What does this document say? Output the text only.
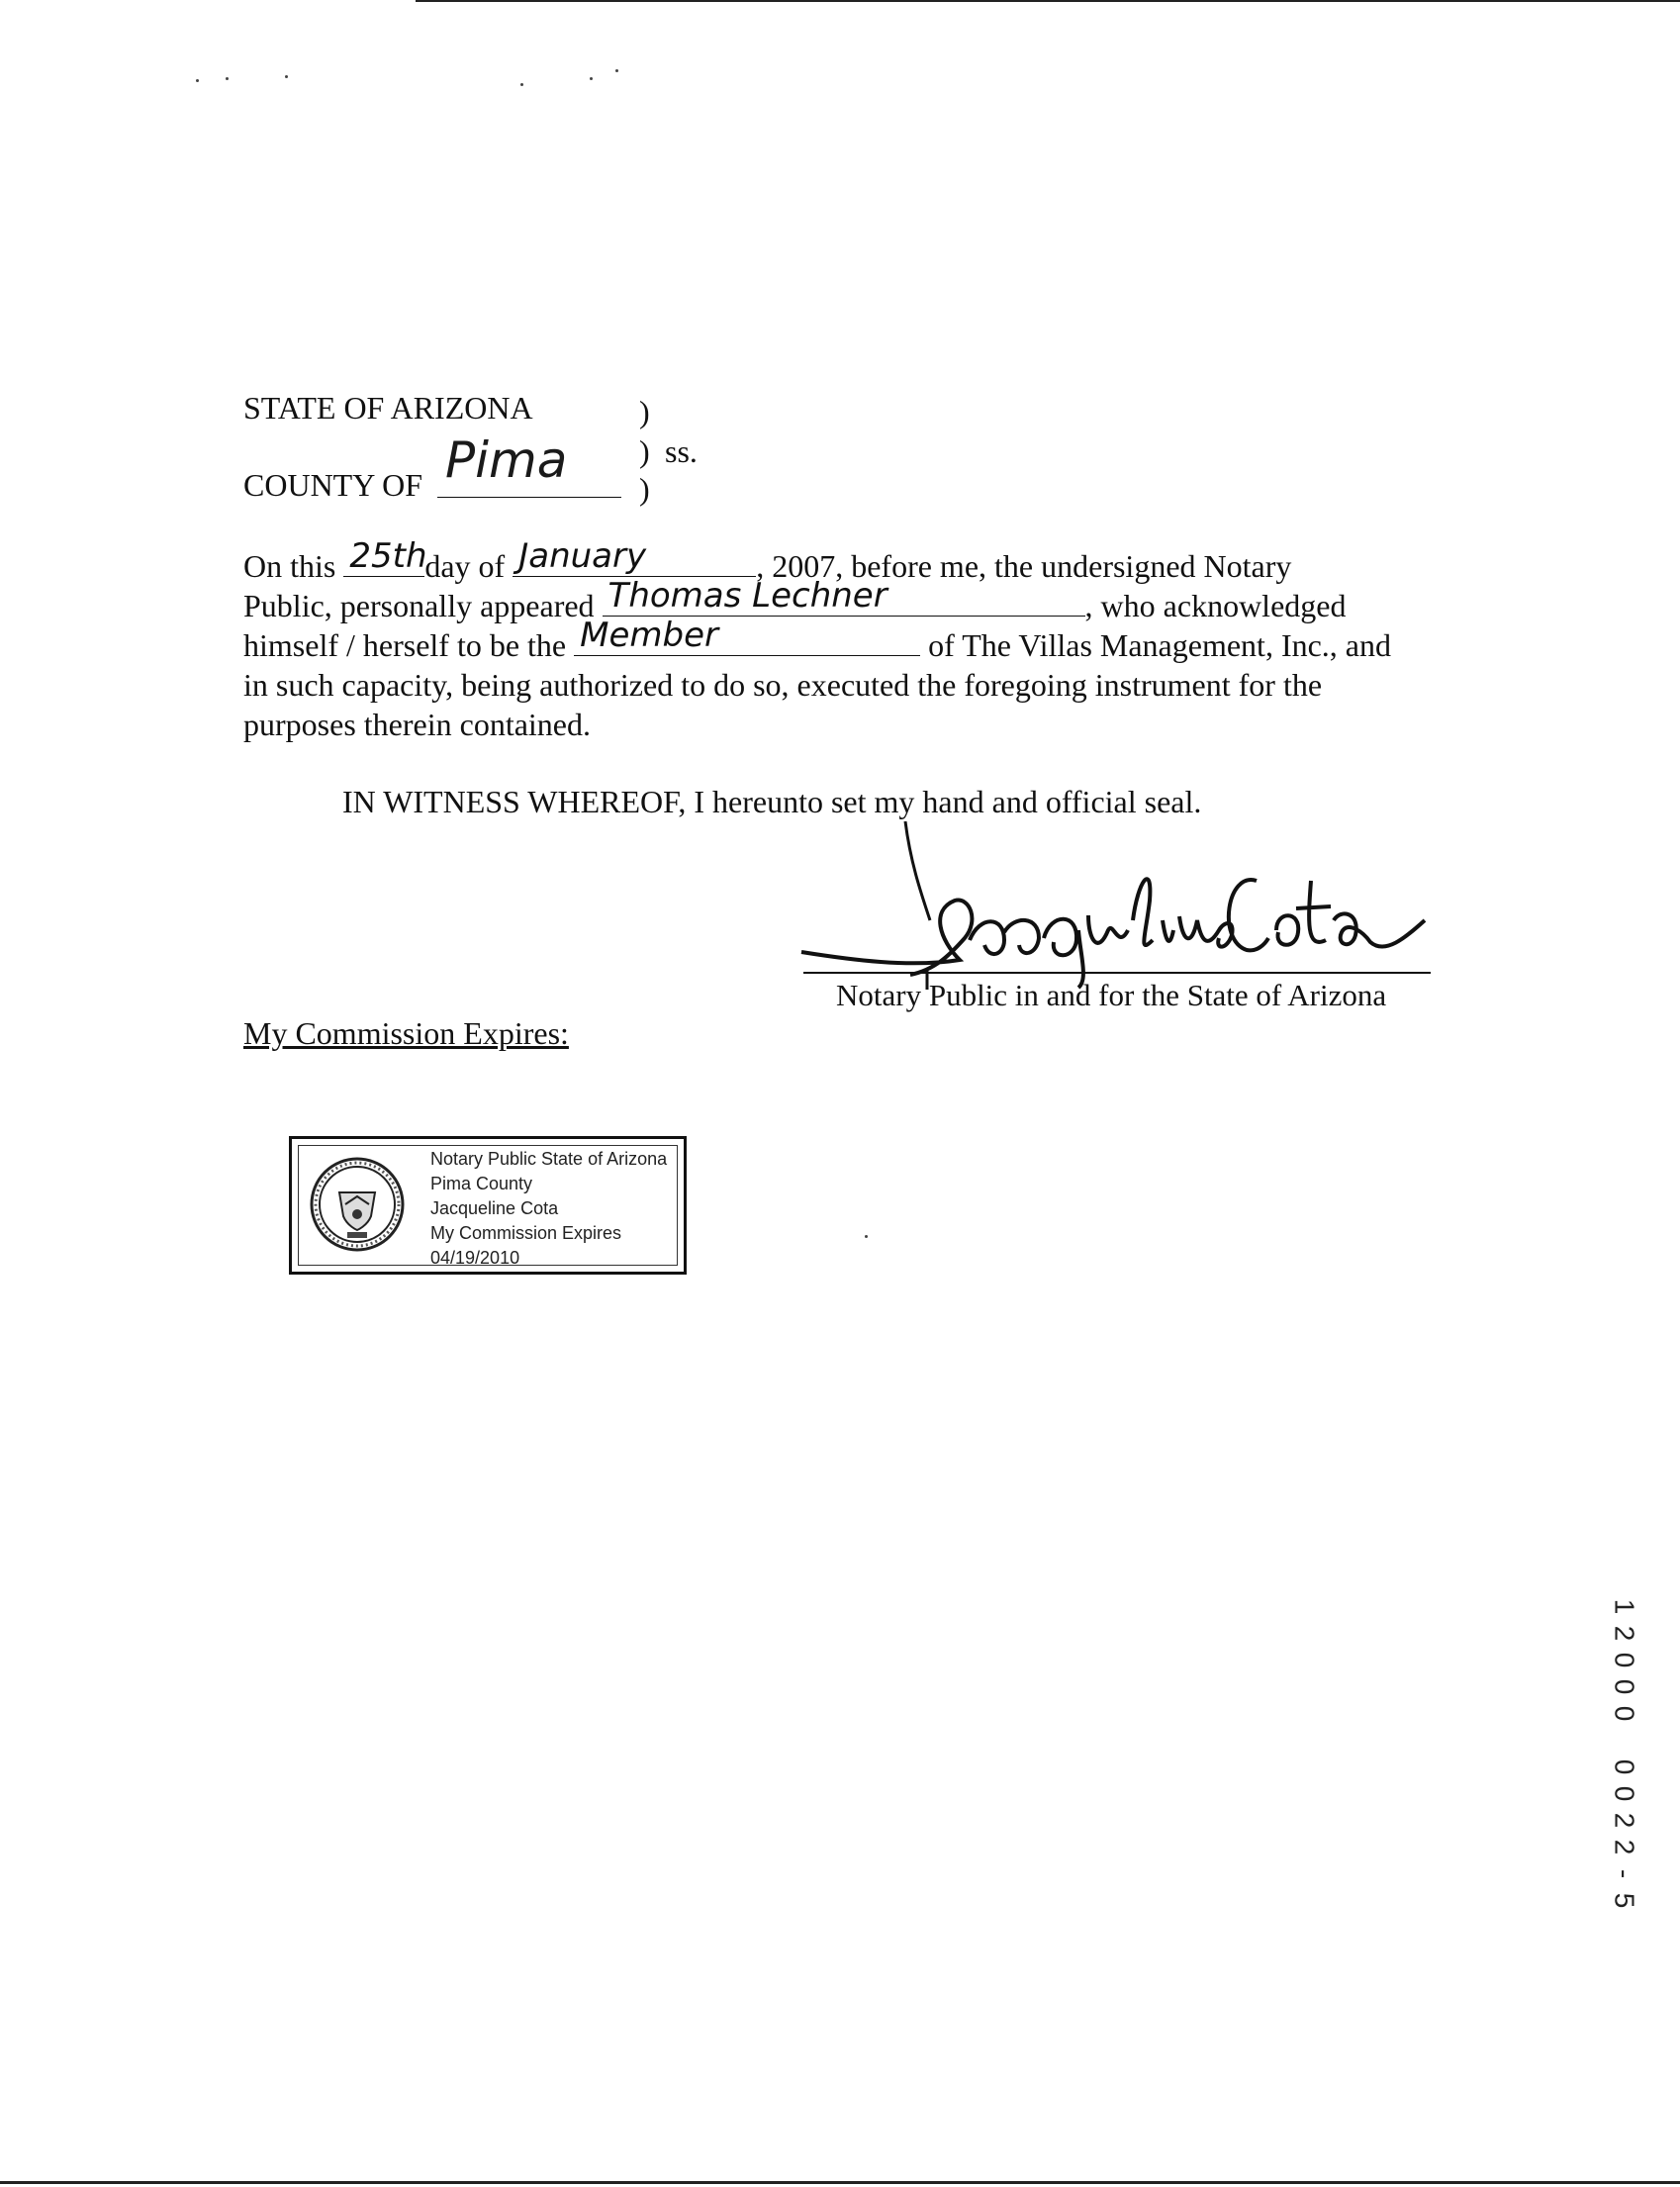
STATE OF ARIZONA	)
) ss.
)
COUNTY OF Pima
On this 25th
day of January	, 2007, before me, the undersigned Notary
Public, personally appeared Thomas Lechner	, who acknowledged
himself / herself to be the Member	of The Villas Management, Inc., and
in such capacity, being authorized to do so, executed the foregoing instrument for the
purposes therein contained.
IN WITNESS WHEREOF, I hereunto set my hand and official seal.
Notary Public in and for the State of Arizona
My Commission Expires:
Notary Public State of Arizona
Pima County
Jacqueline Cota
My Commission Expires
04/19/2010
1
2
0
0
0

0
0
2
2
-
5
